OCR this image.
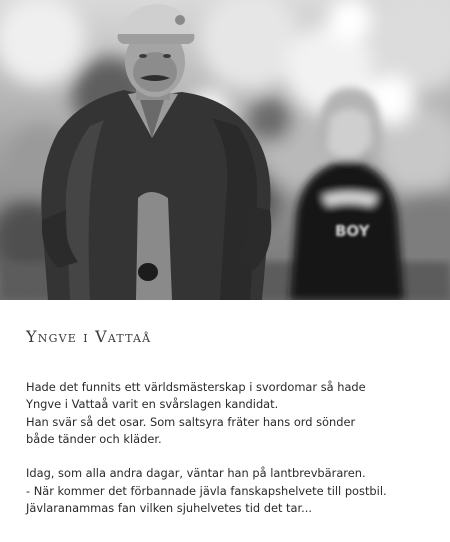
BOY
Yngve i Vattaå

Hade det funnits ett världsmästerskap i svordomar så hade
Yngve i Vattaå varit en svårslagen kandidat.
Han svär så det osar. Som saltsyra fräter hans ord sönder
både tänder och kläder.

Idag, som alla andra dagar, väntar han på lantbrevbäraren.
- När kommer det förbannade jävla fanskapshelvete till postbil.
Jävlaranammas fan vilken sjuhelvetes tid det tar...
